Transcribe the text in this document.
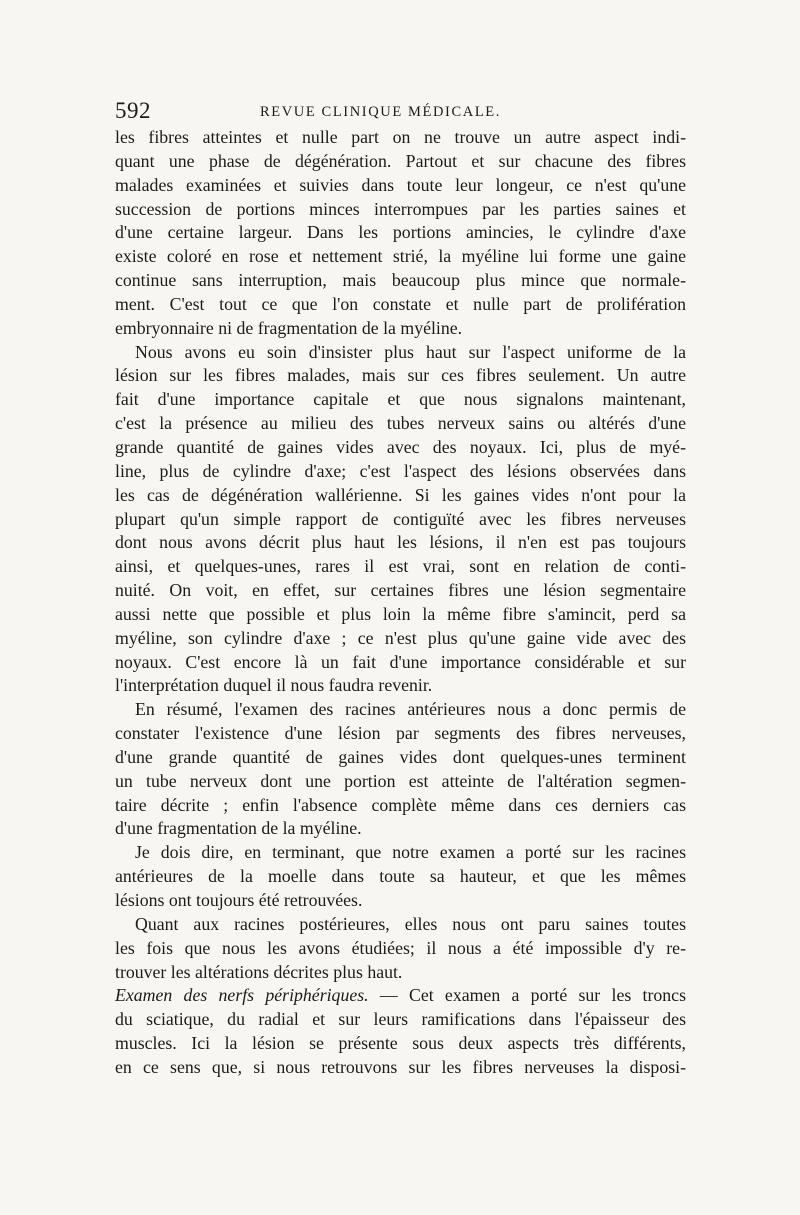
592	REVUE CLINIQUE MÉDICALE.
les fibres atteintes et nulle part on ne trouve un autre aspect indi-
quant une phase de dégénération. Partout et sur chacune des fibres
malades examinées et suivies dans toute leur longeur, ce n'est qu'une
succession de portions minces interrompues par les parties saines et
d'une certaine largeur. Dans les portions amincies, le cylindre d'axe
existe coloré en rose et nettement strié, la myéline lui forme une gaine
continue sans interruption, mais beaucoup plus mince que normale-
ment. C'est tout ce que l'on constate et nulle part de prolifération
embryonnaire ni de fragmentation de la myéline.
Nous avons eu soin d'insister plus haut sur l'aspect uniforme de la
lésion sur les fibres malades, mais sur ces fibres seulement. Un autre
fait d'une importance capitale et que nous signalons maintenant,
c'est la présence au milieu des tubes nerveux sains ou altérés d'une
grande quantité de gaines vides avec des noyaux. Ici, plus de myé-
line, plus de cylindre d'axe; c'est l'aspect des lésions observées dans
les cas de dégénération wallérienne. Si les gaines vides n'ont pour la
plupart qu'un simple rapport de contiguïté avec les fibres nerveuses
dont nous avons décrit plus haut les lésions, il n'en est pas toujours
ainsi, et quelques-unes, rares il est vrai, sont en relation de conti-
nuité. On voit, en effet, sur certaines fibres une lésion segmentaire
aussi nette que possible et plus loin la même fibre s'amincit, perd sa
myéline, son cylindre d'axe ; ce n'est plus qu'une gaine vide avec des
noyaux. C'est encore là un fait d'une importance considérable et sur
l'interprétation duquel il nous faudra revenir.
En résumé, l'examen des racines antérieures nous a donc permis de
constater l'existence d'une lésion par segments des fibres nerveuses,
d'une grande quantité de gaines vides dont quelques-unes terminent
un tube nerveux dont une portion est atteinte de l'altération segmen-
taire décrite ; enfin l'absence complète même dans ces derniers cas
d'une fragmentation de la myéline.
Je dois dire, en terminant, que notre examen a porté sur les racines
antérieures de la moelle dans toute sa hauteur, et que les mêmes
lésions ont toujours été retrouvées.
Quant aux racines postérieures, elles nous ont paru saines toutes
les fois que nous les avons étudiées; il nous a été impossible d'y re-
trouver les altérations décrites plus haut.
Examen des nerfs périphériques. — Cet examen a porté sur les troncs
du sciatique, du radial et sur leurs ramifications dans l'épaisseur des
muscles. Ici la lésion se présente sous deux aspects très différents,
en ce sens que, si nous retrouvons sur les fibres nerveuses la disposi-
